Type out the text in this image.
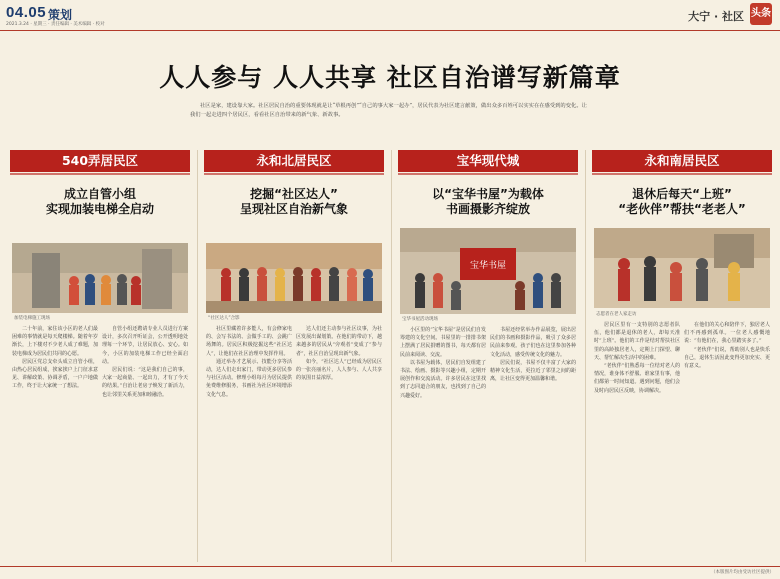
04.05 策划
2021.3.24 · 星期三 · 责任编辑 · 美术编辑 · 校对
大宁 · 社区 头条
人人参与 人人共享 社区自治谱写新篇章
社区是家，建设靠大家。社区居民自治的重要体现就是让“草根再创”“自己的事大家一起办”，居民代表为社区建言献策，做出众多百姓可以实实在在感受到的变化。让我们一起走进四个居民区，看看社区自治带来的新气象、新故事。
540弄居民区
成立自管小组
实现加装电梯全启动
加装电梯施工现场

二十年前，家住该小区的老人们最困难的事情就是每天爬楼梯。随着年岁渐长，上下楼对不少老人成了难题，加装电梯成为居民们共同的心愿。

居民区党总支牵头成立自管小组，由热心居民组成，挨家挨户上门征求意见、讲解政策、协调矛盾，一户户地做工作，终于让大家统一了想法。

自管小组还聘请专业人员进行方案设计，多次召开听证会，公开透明地处理每一个环节，让居民放心、安心。如今，小区的加装电梯工作已经全面启动。

居民们说：“这是我们自己的事，大家一起商量、一起出力，才有了今天的结果。”自治让老房子焕发了新活力，也让邻里关系更加和睦融洽。

永和北居民区
挖掘“社区达人”
呈现社区自治新气象
“社区达人”合影

社区里藏着许多能人，有会修家电的、会写书法的、会做手工的、会跳广场舞的。居民区积极挖掘这些“社区达人”，让他们在社区治理中发挥作用。

通过举办才艺展示、技能分享等活动，达人们走出家门，带动更多居民参与社区活动。修理小组每月为居民提供免费维修服务，书画社为社区环境增添文化气息。

达人们还主动参与社区议事，为社区发展出谋划策。在他们的带动下，越来越多的居民从“旁观者”变成了“参与者”，社区自治呈现出新气象。

如今，“社区达人”已经成为居民区的一张亮丽名片，人人参与、人人共享的氛围日益浓厚。

宝华现代城
以“宝华书屋”为载体
书画摄影齐绽放
宝华书屋
宝华书屋活动现场

小区里的“宝华书屋”是居民们自发筹建的文化空间。书屋里的一排排书架上摆满了居民捐赠的图书，每天都有居民前来阅读、交流。

以书屋为载体，居民们自发组建了书法、绘画、摄影等兴趣小组，定期开展创作和交流活动。许多居民在这里找到了志同道合的朋友，也找到了自己的兴趣爱好。

书屋还经常举办作品展览，展出居民们的书画和摄影作品，吸引了众多居民前来参观。孩子们也在这里参加各种文化活动，感受传统文化的魅力。

居民们说，书屋不仅丰富了大家的精神文化生活，更拉近了邻里之间的距离，让社区变得更加温馨和谐。

永和南居民区
退休后每天“上班”
“老伙伴”帮扶“老老人”
志愿者在老人家走访

居民区里有一支特别的志愿者队伍，他们都是退休的老人，却每天准时“上班”。他们的工作是结对帮扶社区里的高龄独居老人，定期上门探望、聊天、帮忙解决生活中的困难。

“老伙伴”们熟悉每一位结对老人的情况，谁身体不舒服、谁家里有事，他们都第一时间知道。遇到问题，他们会及时向居民区反映，协调解决。

在他们的关心和陪伴下，独居老人们不再感到孤单。一位老人感慨地说：“有他们在，我心里踏实多了。”

“老伙伴”们说，帮助别人也是快乐自己，退休生活因此变得更加充实、更有意义。

（本版图片均由受访社区提供）
